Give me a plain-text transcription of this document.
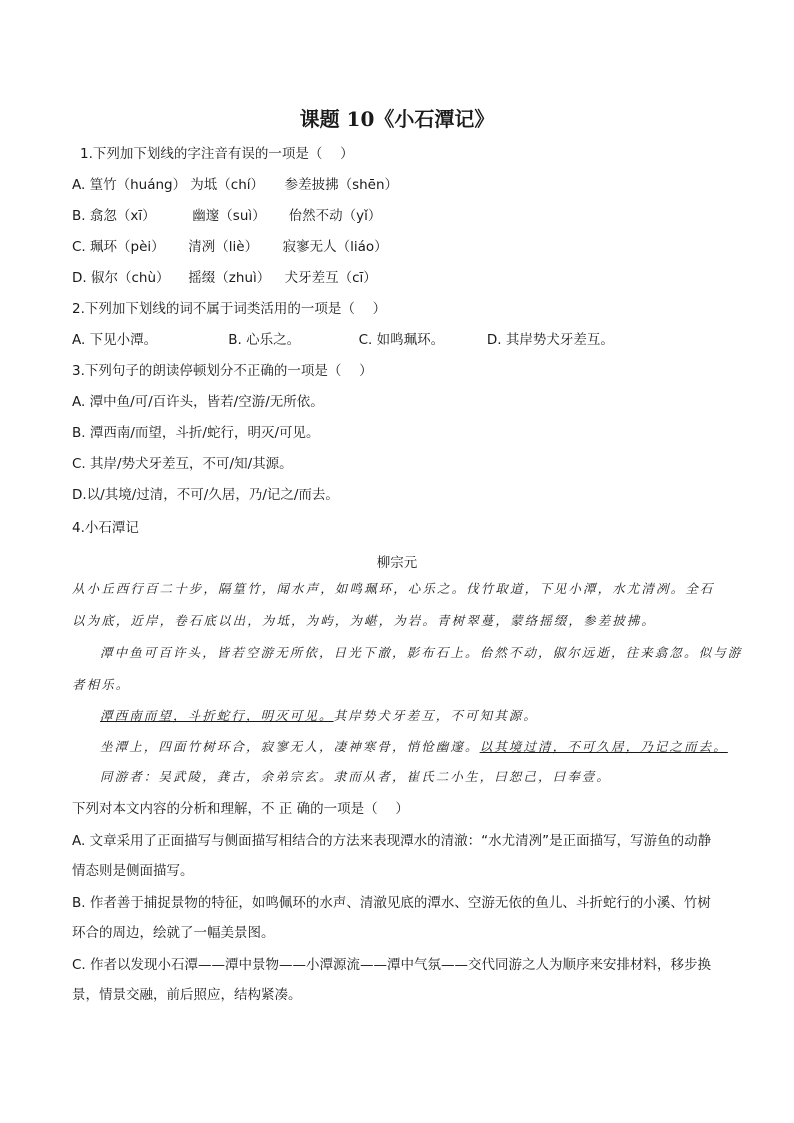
课题 10《小石潭记》
1.下列加下划线的字注音有误的一项是（　 ）
A. 篁竹（huáng） 为坻（chí） 参差披拂（shēn）
B. 翕忽（xī）	幽邃（suì） 佁然不动（yǐ）
C. 珮环（pèi） 清冽（liè） 寂寥无人（liáo）
D. 俶尔（chù） 摇缀（zhuì） 犬牙差互（cī）
2.下列加下划线的词不属于词类活用的一项是（　 ）
A. 下见小潭。	B. 心乐之。	C. 如鸣珮环。	D. 其岸势犬牙差互。
3.下列句子的朗读停顿划分不正确的一项是（　 ）
A. 潭中鱼/可/百许头，皆若/空游/无所依。
B. 潭西南/而望，斗折/蛇行，明灭/可见。
C. 其岸/势犬牙差互，不可/知/其源。
D.以/其境/过清，不可/久居，乃/记之/而去。
4.小石潭记
柳宗元
从小丘西行百二十步，隔篁竹，闻水声，如鸣珮环，心乐之。伐竹取道，下见小潭，水尤清冽。全石
以为底，近岸，卷石底以出，为坻，为屿，为嵁，为岩。青树翠蔓，蒙络摇缀，参差披拂。
潭中鱼可百许头，皆若空游无所依，日光下澈，影布石上。佁然不动，俶尔远逝，往来翕忽。似与游
者相乐。
潭西南而望，斗折蛇行，明灭可见。其岸势犬牙差互，不可知其源。
坐潭上，四面竹树环合，寂寥无人，凄神寒骨，悄怆幽邃。以其境过清，不可久居，乃记之而去。
同游者：吴武陵，龚古，余弟宗玄。隶而从者，崔氏二小生，曰恕己，曰奉壹。
下列对本文内容的分析和理解，不 正 确的一项是（　 ）
A. 文章采用了正面描写与侧面描写相结合的方法来表现潭水的清澈：“水尤清冽”是正面描写，写游鱼的动静情态则是侧面描写。
B. 作者善于捕捉景物的特征，如鸣佩环的水声、清澈见底的潭水、空游无依的鱼儿、斗折蛇行的小溪、竹树环合的周边，绘就了一幅美景图。
C. 作者以发现小石潭——潭中景物——小潭源流——潭中气氛——交代同游之人为顺序来安排材料，移步换景，情景交融，前后照应，结构紧凑。
